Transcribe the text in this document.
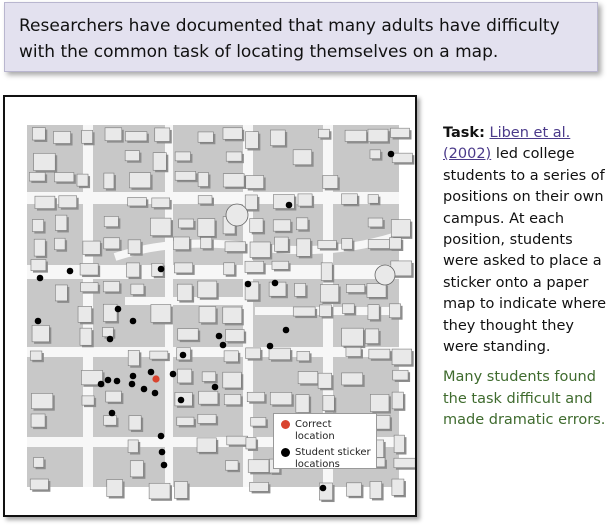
Researchers have documented that many adults have difficulty with the common task of locating themselves on a map.
Correct location
Student sticker locations
Task: Liben et al. (2002) led college students to a series of positions on their own campus. At each position, students were asked to place a sticker onto a paper map to indicate where they thought they were standing.
Many students found the task difficult and made dramatic errors.
